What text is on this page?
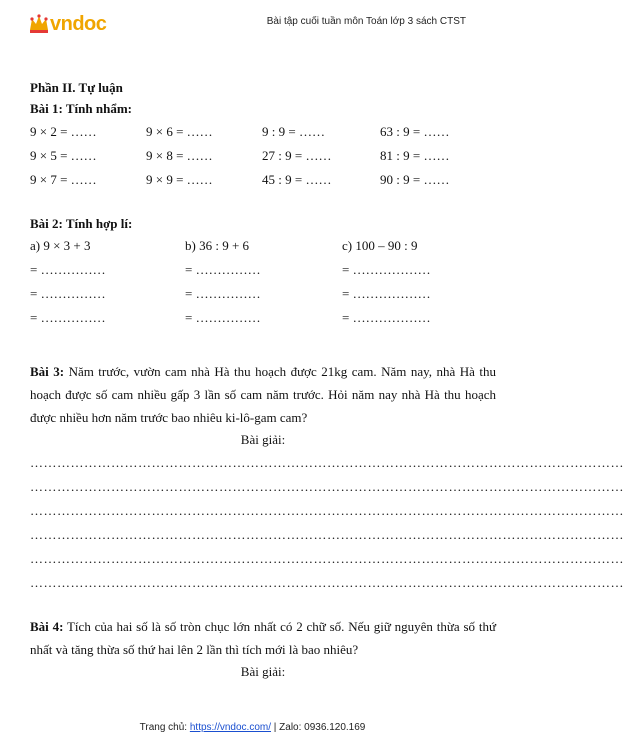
vndoc	Bài tập cuối tuần môn Toán lớp 3 sách CTST
Phần II. Tự luận
Bài 1: Tính nhẩm:
9 × 2 = ……	9 × 6 = ……	9 : 9 = ……	63 : 9 = ……
9 × 5 = ……	9 × 8 = ……	27 : 9 = ……	81 : 9 = ……
9 × 7 = ……	9 × 9 = ……	45 : 9 = ……	90 : 9 = ……
Bài 2: Tính hợp lí:
a) 9 × 3 + 3	b) 36 : 9 + 6	c) 100 – 90 : 9
= ……………	= ……………	= ………………
= ……………	= ……………	= ………………
= ……………	= ……………	= ………………
Bài 3: Năm trước, vườn cam nhà Hà thu hoạch được 21kg cam. Năm nay, nhà Hà thu hoạch được số cam nhiều gấp 3 lần số cam năm trước. Hỏi năm nay nhà Hà thu hoạch được nhiều hơn năm trước bao nhiêu ki-lô-gam cam?
Bài giải:
……………………………………………………………………………………………………………………
……………………………………………………………………………………………………………………
……………………………………………………………………………………………………………………
……………………………………………………………………………………………………………………
……………………………………………………………………………………………………………………
……………………………………………………………………………………………………………………
Bài 4: Tích của hai số là số tròn chục lớn nhất có 2 chữ số. Nếu giữ nguyên thừa số thứ nhất và tăng thừa số thứ hai lên 2 lần thì tích mới là bao nhiêu?
Bài giải:
Trang chủ: https://vndoc.com/ | Zalo: 0936.120.169
